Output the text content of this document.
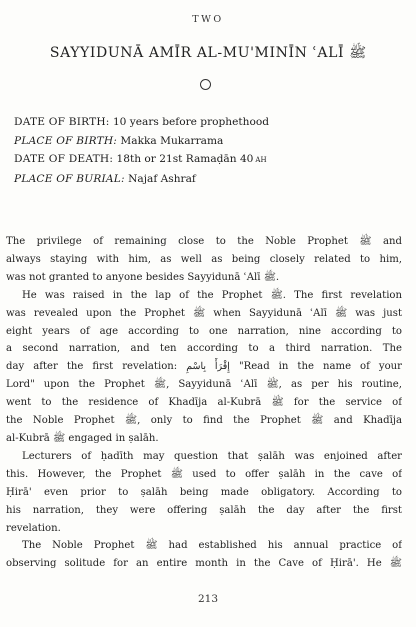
TWO
SAYYIDUNĀ AMĪR AL-MU'MINĪN ʿALĪ ﷺ
DATE OF BIRTH: 10 years before prophethood
PLACE OF BIRTH: Makka Mukarrama
DATE OF DEATH: 18th or 21st Ramaḍān 40 AH
PLACE OF BURIAL: Najaf Ashraf
The privilege of remaining close to the Noble Prophet ﷺ and
always staying with him, as well as being closely related to him,
was not granted to anyone besides Sayyidunā ʿAlī ﷺ.
He was raised in the lap of the Prophet ﷺ. The first revelation
was revealed upon the Prophet ﷺ when Sayyidunā ʿAlī ﷺ was just
eight years of age according to one narration, nine according to
a second narration, and ten according to a third narration. The
day after the first revelation: إِقْرَأْ بِاسْمِ "Read in the name of your
Lord" upon the Prophet ﷺ, Sayyidunā ʿAlī ﷺ, as per his routine,
went to the residence of Khadīja al-Kubrā ﷺ for the service of
the Noble Prophet ﷺ, only to find the Prophet ﷺ and Khadīja
al-Kubrā ﷺ engaged in ṣalāh.
Lecturers of ḥadīth may question that ṣalāh was enjoined after
this. However, the Prophet ﷺ used to offer ṣalāh in the cave of
Ḥirā' even prior to ṣalāh being made obligatory. According to
his narration, they were offering ṣalāh the day after the first
revelation.
The Noble Prophet ﷺ had established his annual practice of
observing solitude for an entire month in the Cave of Ḥirā'. He ﷺ
213
